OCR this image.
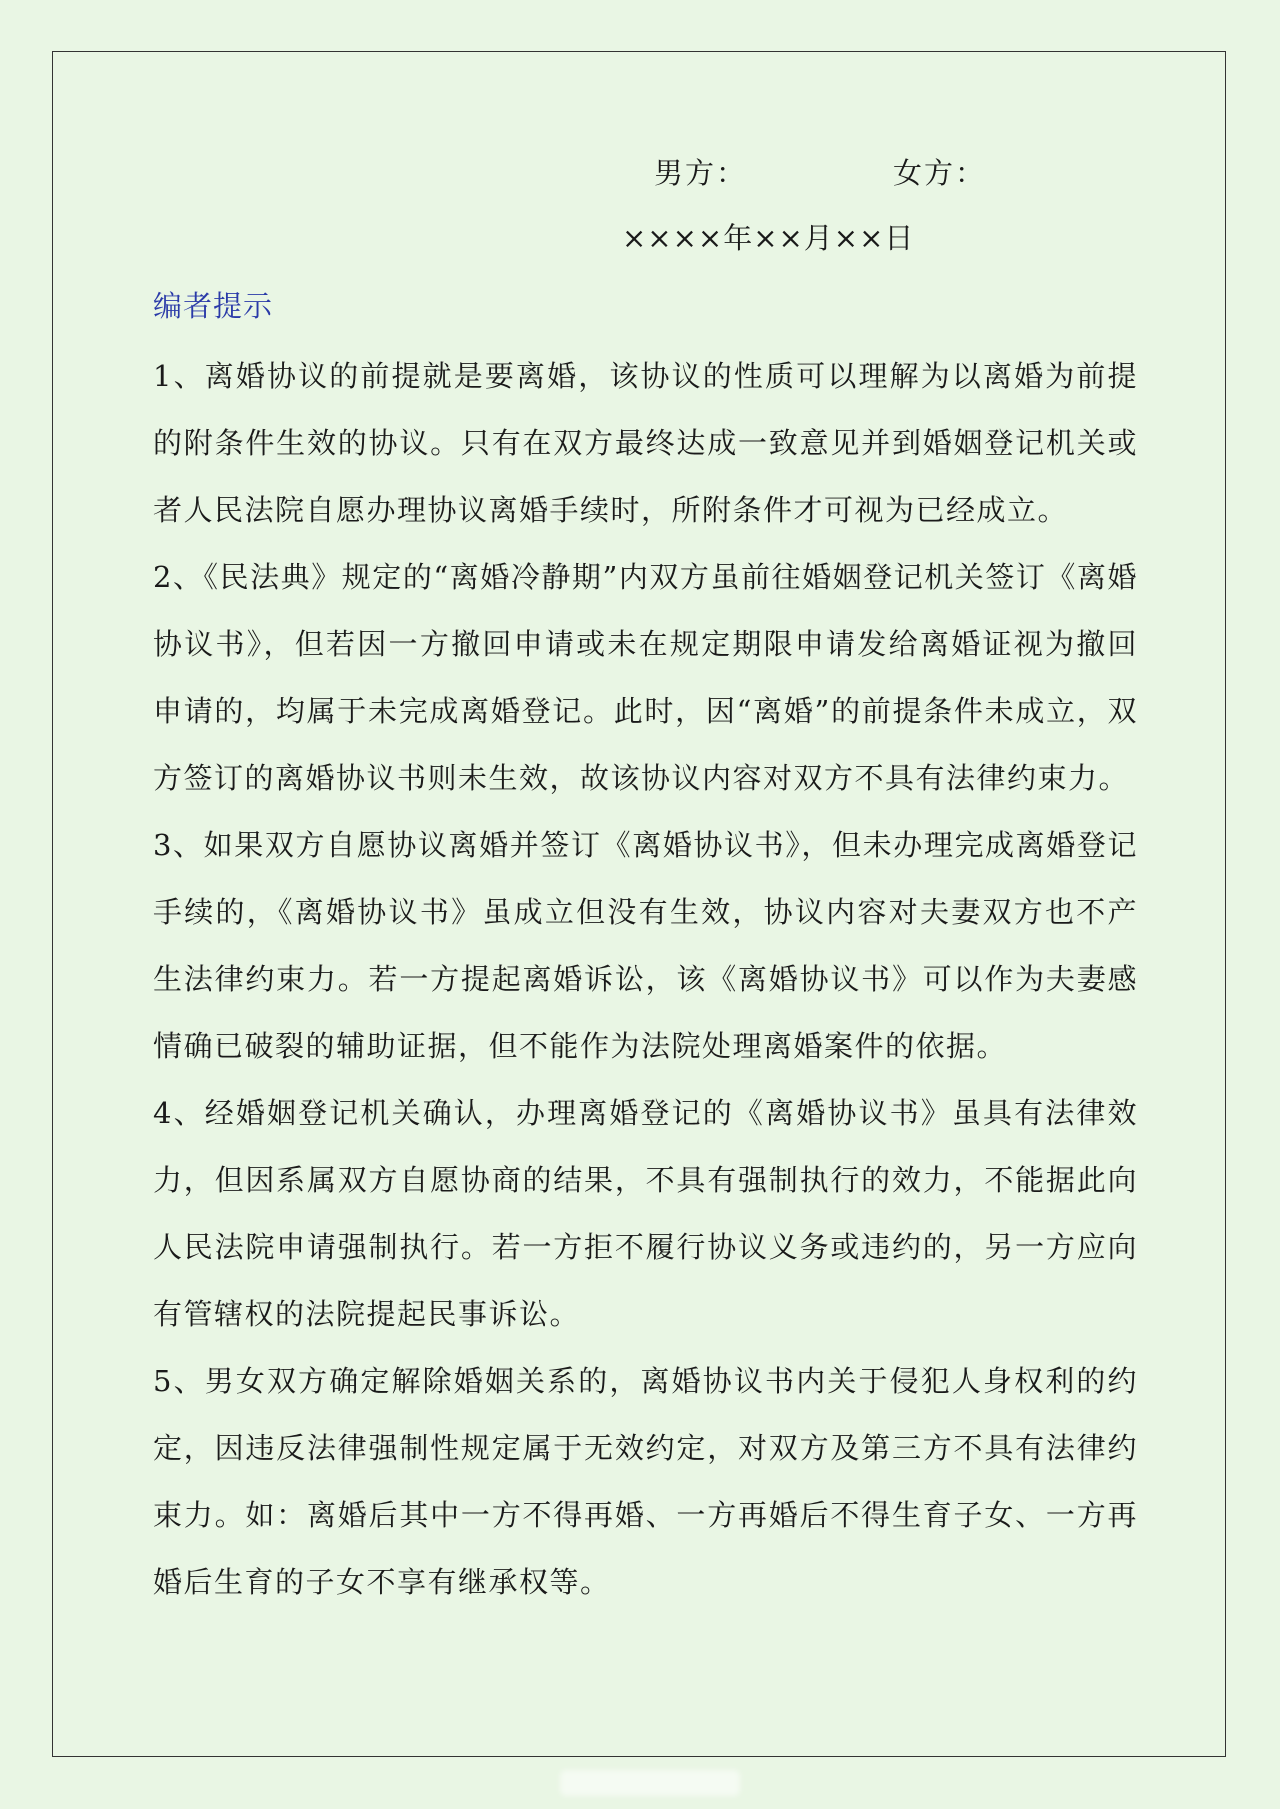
男方：	女方：
××××年××月××日
编者提示

1、离婚协议的前提就是要离婚，该协议的性质可以理解为以离婚为前提的附条件生效的协议。只有在双方最终达成一致意见并到婚姻登记机关或者人民法院自愿办理协议离婚手续时，所附条件才可视为已经成立。

2、《民法典》规定的“离婚冷静期”内双方虽前往婚姻登记机关签订《离婚协议书》，但若因一方撤回申请或未在规定期限申请发给离婚证视为撤回申请的，均属于未完成离婚登记。此时，因“离婚”的前提条件未成立，双方签订的离婚协议书则未生效，故该协议内容对双方不具有法律约束力。

3、如果双方自愿协议离婚并签订《离婚协议书》，但未办理完成离婚登记手续的，《离婚协议书》虽成立但没有生效，协议内容对夫妻双方也不产生法律约束力。若一方提起离婚诉讼，该《离婚协议书》可以作为夫妻感情确已破裂的辅助证据，但不能作为法院处理离婚案件的依据。

4、经婚姻登记机关确认，办理离婚登记的《离婚协议书》虽具有法律效力，但因系属双方自愿协商的结果，不具有强制执行的效力，不能据此向人民法院申请强制执行。若一方拒不履行协议义务或违约的，另一方应向有管辖权的法院提起民事诉讼。

5、男女双方确定解除婚姻关系的，离婚协议书内关于侵犯人身权利的约定，因违反法律强制性规定属于无效约定，对双方及第三方不具有法律约束力。如：离婚后其中一方不得再婚、一方再婚后不得生育子女、一方再婚后生育的子女不享有继承权等。
